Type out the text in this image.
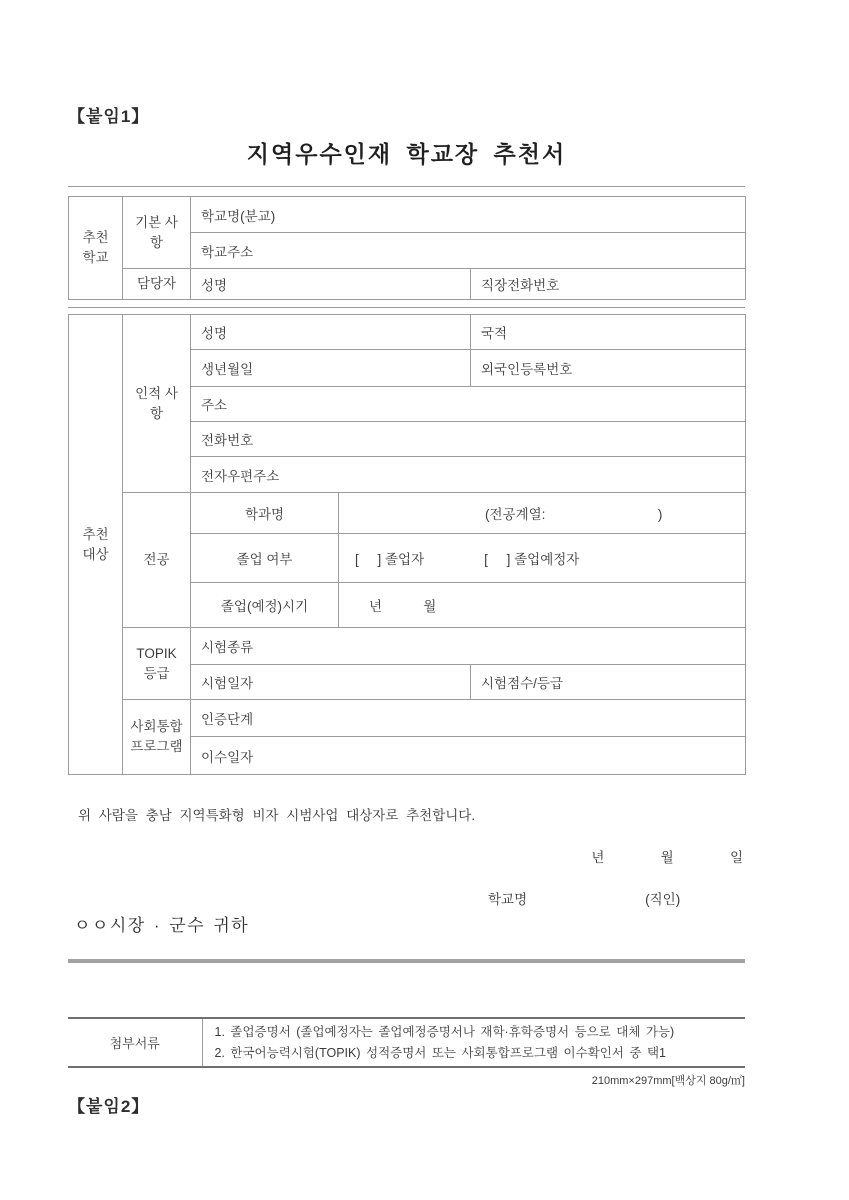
【붙임1】
지역우수인재 학교장 추천서
추천 학교	기본 사항	학교명(분교)	
		학교주소	
	담당자	성명	직장전화번호
추천 대상	인적 사항	성명		국적
		생년월일		외국인등록번호
		주소		
		전화번호		
		전자우편주소		
	전공	학과명	(전공계열:                              )	
		졸업 여부	[     ] 졸업자                [     ] 졸업예정자	
		졸업(예정)시기	년           월	
	TOPIK 등급	시험종류		
		시험일자		시험점수/등급
	사회통합 프로그램	인증단계		
		이수일자		
위 사람을 충남 지역특화형 비자 시범사업 대상자로 추천합니다.
년               월               일
학교명	(직인)
ㅇㅇ시장 · 군수 귀하
첨부서류	
1. 졸업증명서 (졸업예정자는 졸업예정증명서나 재학·휴학증명서 등으로 대체 가능)
2. 한국어능력시험(TOPIK) 성적증명서 또는 사회통합프로그램 이수확인서 중 택1
210mm×297mm[백상지 80g/㎡]
【붙임2】
